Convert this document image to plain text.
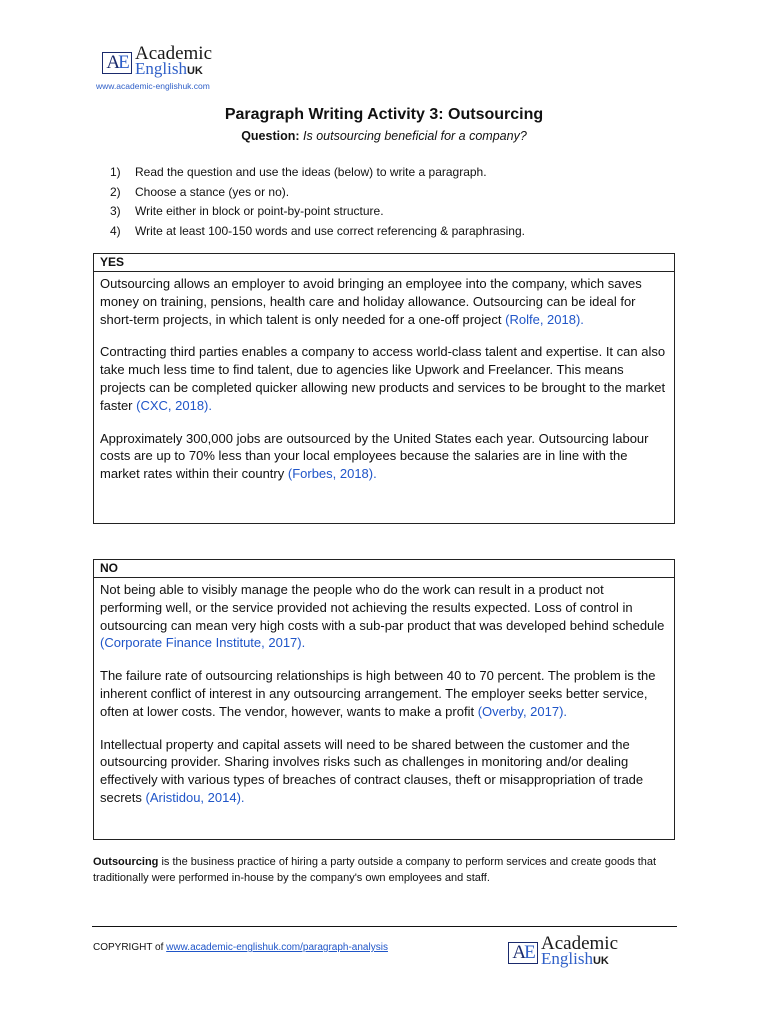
A E Academic
EnglishUK
www.academic-englishuk.com
Paragraph Writing Activity 3: Outsourcing
Question: Is outsourcing beneficial for a company?
1)	Read the question and use the ideas (below) to write a paragraph.
2)	Choose a stance (yes or no).
3)	Write either in block or point-by-point structure.
4)	Write at least 100-150 words and use correct referencing & paraphrasing.
YES

Outsourcing allows an employer to avoid bringing an employee into the company, which saves money on training, pensions, health care and holiday allowance. Outsourcing can be ideal for short-term projects, in which talent is only needed for a one-off project (Rolfe, 2018).

Contracting third parties enables a company to access world-class talent and expertise. It can also take much less time to find talent, due to agencies like Upwork and Freelancer. This means projects can be completed quicker allowing new products and services to be brought to the market faster (CXC, 2018).

Approximately 300,000 jobs are outsourced by the United States each year. Outsourcing labour costs are up to 70% less than your local employees because the salaries are in line with the market rates within their country (Forbes, 2018).

NO

Not being able to visibly manage the people who do the work can result in a product not performing well, or the service provided not achieving the results expected. Loss of control in outsourcing can mean very high costs with a sub-par product that was developed behind schedule (Corporate Finance Institute, 2017).

The failure rate of outsourcing relationships is high between 40 to 70 percent. The problem is the inherent conflict of interest in any outsourcing arrangement. The employer seeks better service, often at lower costs. The vendor, however, wants to make a profit (Overby, 2017).

Intellectual property and capital assets will need to be shared between the customer and the outsourcing provider. Sharing involves risks such as challenges in monitoring and/or dealing effectively with various types of breaches of contract clauses, theft or misappropriation of trade secrets (Aristidou, 2014).

Outsourcing is the business practice of hiring a party outside a company to perform services and create goods that traditionally were performed in-house by the company's own employees and staff.
COPYRIGHT of www.academic-englishuk.com/paragraph-analysis	A E Academic
EnglishUK
